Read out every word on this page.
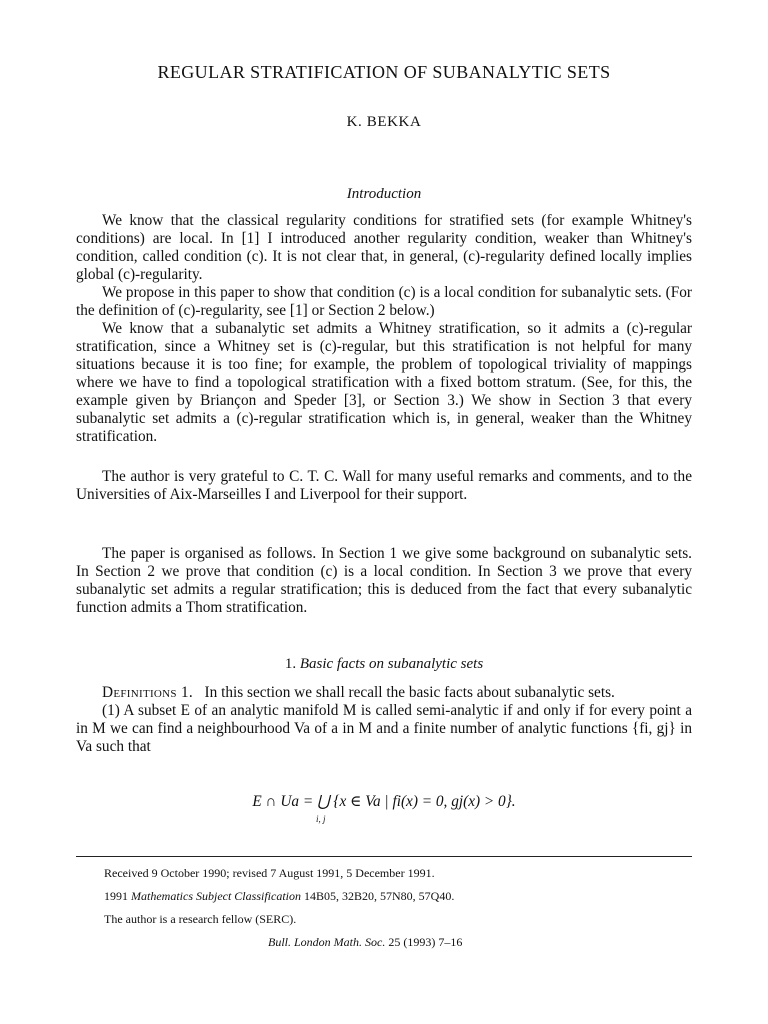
REGULAR STRATIFICATION OF SUBANALYTIC SETS
K. BEKKA
Introduction

We know that the classical regularity conditions for stratified sets (for example Whitney's conditions) are local. In [1] I introduced another regularity condition, weaker than Whitney's condition, called condition (c). It is not clear that, in general, (c)-regularity defined locally implies global (c)-regularity.

We propose in this paper to show that condition (c) is a local condition for subanalytic sets. (For the definition of (c)-regularity, see [1] or Section 2 below.)

We know that a subanalytic set admits a Whitney stratification, so it admits a (c)-regular stratification, since a Whitney set is (c)-regular, but this stratification is not helpful for many situations because it is too fine; for example, the problem of topological triviality of mappings where we have to find a topological stratification with a fixed bottom stratum. (See, for this, the example given by Briançon and Speder [3], or Section 3.) We show in Section 3 that every subanalytic set admits a (c)-regular stratification which is, in general, weaker than the Whitney stratification.

The author is very grateful to C. T. C. Wall for many useful remarks and comments, and to the Universities of Aix-Marseilles I and Liverpool for their support.

The paper is organised as follows. In Section 1 we give some background on subanalytic sets. In Section 2 we prove that condition (c) is a local condition. In Section 3 we prove that every subanalytic set admits a regular stratification; this is deduced from the fact that every subanalytic function admits a Thom stratification.

1. Basic facts on subanalytic sets

Definitions 1. In this section we shall recall the basic facts about subanalytic sets.

(1) A subset E of an analytic manifold M is called semi-analytic if and only if for every point a in M we can find a neighbourhood Va of a in M and a finite number of analytic functions {fi, gj} in Va such that

E ∩ Ua = ⋃ {x ∈ Va | fi(x) = 0, gj(x) > 0}.
i, j
Received 9 October 1990; revised 7 August 1991, 5 December 1991.
1991 Mathematics Subject Classification 14B05, 32B20, 57N80, 57Q40.
The author is a research fellow (SERC).
Bull. London Math. Soc. 25 (1993) 7–16
